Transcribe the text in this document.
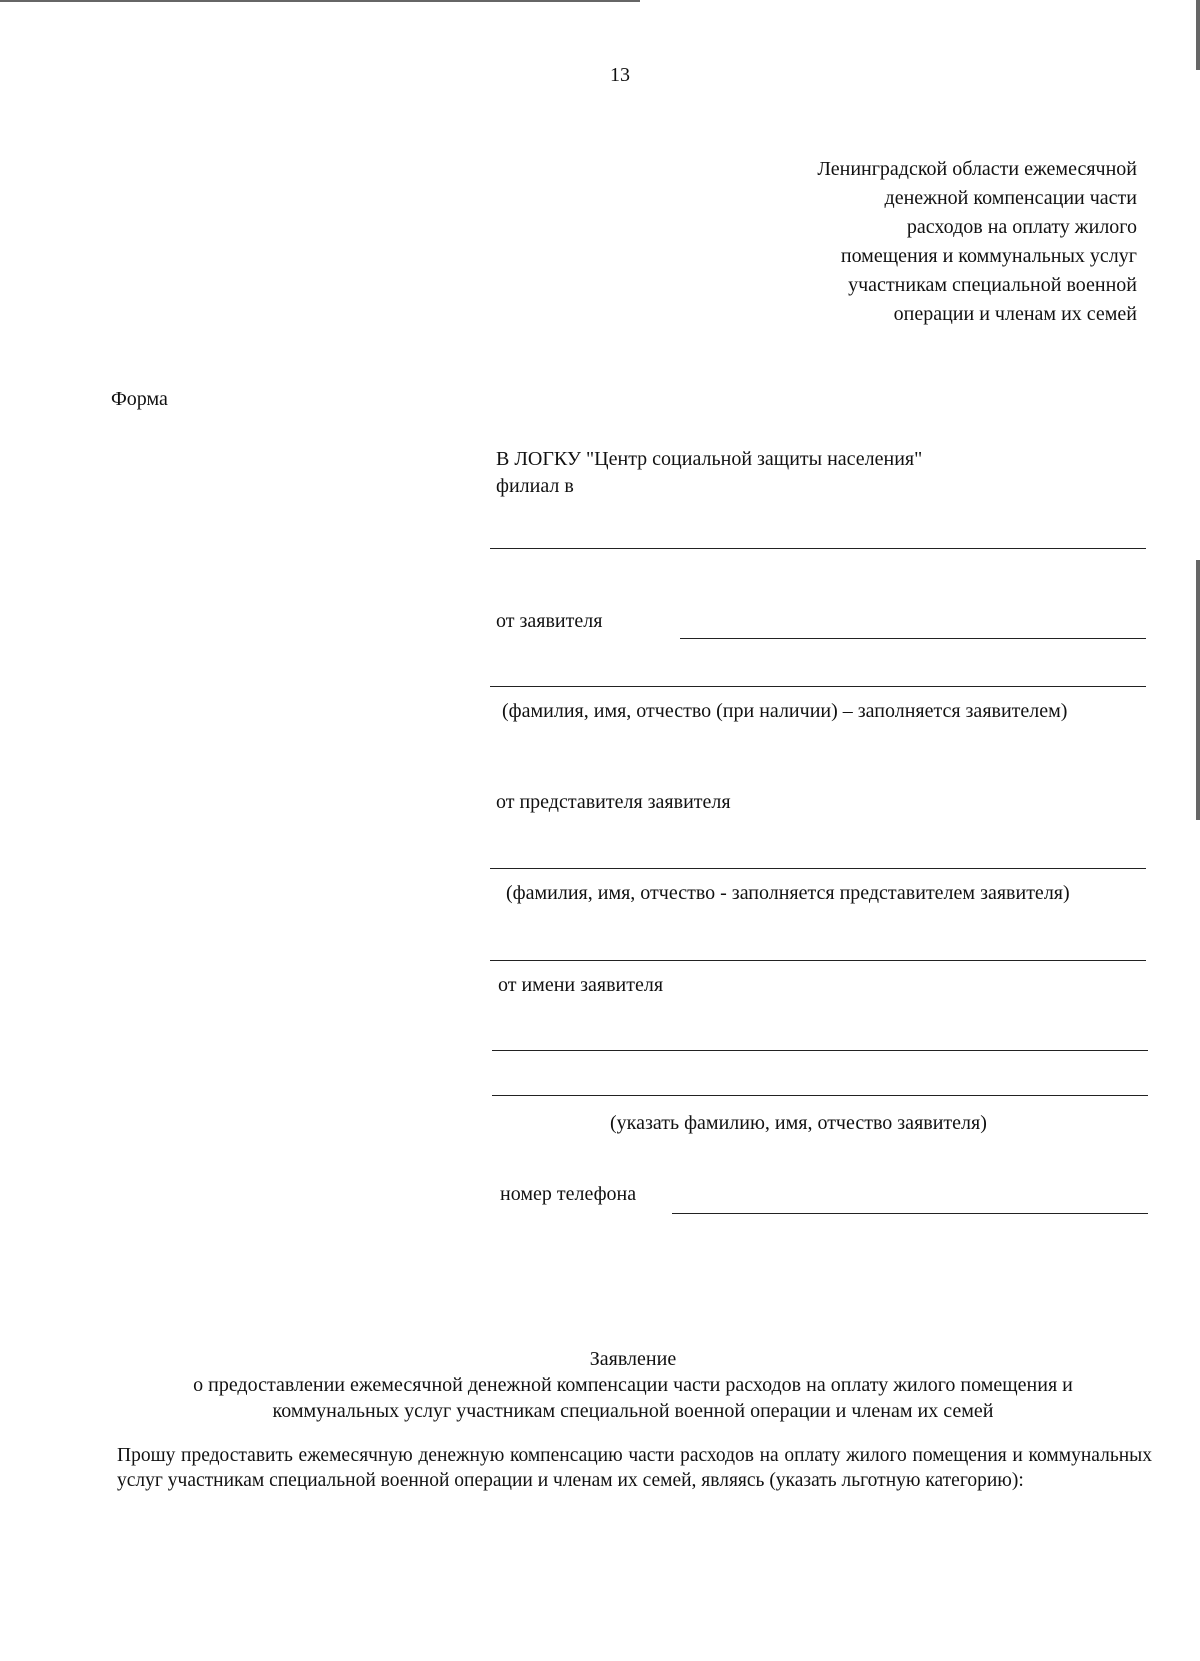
13
Ленинградской области ежемесячной
денежной компенсации части
расходов на оплату жилого
помещения и коммунальных услуг
участникам специальной военной
операции и членам их семей
Форма
В ЛОГКУ "Центр социальной защиты населения"
филиал в
от заявителя
(фамилия, имя, отчество (при наличии) – заполняется заявителем)
от представителя заявителя
(фамилия, имя, отчество - заполняется представителем заявителя)
от имени заявителя
(указать фамилию, имя, отчество заявителя)
номер телефона
Заявление
о предоставлении ежемесячной денежной компенсации части расходов на оплату жилого помещения и
коммунальных услуг участникам специальной военной операции и членам их семей
Прошу предоставить ежемесячную денежную компенсацию части расходов на оплату жилого помещения и коммунальных услуг участникам специальной военной операции и членам их семей, являясь (указать льготную категорию):
